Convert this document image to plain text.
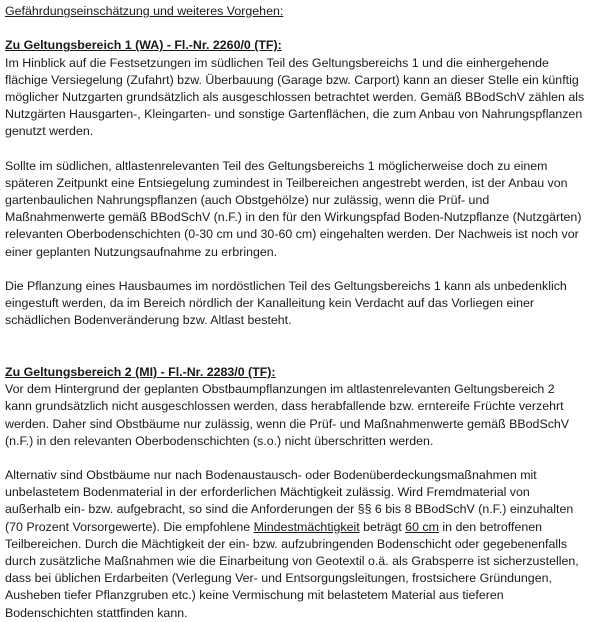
Gefährdungseinschätzung und weiteres Vorgehen:
Zu Geltungsbereich 1 (WA) - Fl.-Nr. 2260/0 (TF):
Im Hinblick auf die Festsetzungen im südlichen Teil des Geltungsbereichs 1 und die einhergehende
flächige Versiegelung (Zufahrt) bzw. Überbauung (Garage bzw. Carport) kann an dieser Stelle ein künftig
möglicher Nutzgarten grundsätzlich als ausgeschlossen betrachtet werden. Gemäß BBodSchV zählen als
Nutzgärten Hausgarten-, Kleingarten- und sonstige Gartenflächen, die zum Anbau von Nahrungspflanzen
genutzt werden.
Sollte im südlichen, altlastenrelevanten Teil des Geltungsbereichs 1 möglicherweise doch zu einem
späteren Zeitpunkt eine Entsiegelung zumindest in Teilbereichen angestrebt werden, ist der Anbau von
gartenbaulichen Nahrungspflanzen (auch Obstgehölze) nur zulässig, wenn die Prüf- und
Maßnahmenwerte gemäß BBodSchV (n.F.) in den für den Wirkungspfad Boden-Nutzpflanze (Nutzgärten)
relevanten Oberbodenschichten (0-30 cm und 30-60 cm) eingehalten werden. Der Nachweis ist noch vor
einer geplanten Nutzungsaufnahme zu erbringen.
Die Pflanzung eines Hausbaumes im nordöstlichen Teil des Geltungsbereichs 1 kann als unbedenklich
eingestuft werden, da im Bereich nördlich der Kanalleitung kein Verdacht auf das Vorliegen einer
schädlichen Bodenveränderung bzw. Altlast besteht.
Zu Geltungsbereich 2 (MI) - Fl.-Nr. 2283/0 (TF):
Vor dem Hintergrund der geplanten Obstbaumpflanzungen im altlastenrelevanten Geltungsbereich 2
kann grundsätzlich nicht ausgeschlossen werden, dass herabfallende bzw. erntereife Früchte verzehrt
werden. Daher sind Obstbäume nur zulässig, wenn die Prüf- und Maßnahmenwerte gemäß BBodSchV
(n.F.) in den relevanten Oberbodenschichten (s.o.) nicht überschritten werden.
Alternativ sind Obstbäume nur nach Bodenaustausch- oder Bodenüberdeckungsmaßnahmen mit
unbelastetem Bodenmaterial in der erforderlichen Mächtigkeit zulässig. Wird Fremdmaterial von
außerhalb ein- bzw. aufgebracht, so sind die Anforderungen der §§ 6 bis 8 BBodSchV (n.F.) einzuhalten
(70 Prozent Vorsorgewerte). Die empfohlene Mindestmächtigkeit beträgt 60 cm in den betroffenen
Teilbereichen. Durch die Mächtigkeit der ein- bzw. aufzubringenden Bodenschicht oder gegebenenfalls
durch zusätzliche Maßnahmen wie die Einarbeitung von Geotextil o.ä. als Grabsperre ist sicherzustellen,
dass bei üblichen Erdarbeiten (Verlegung Ver- und Entsorgungsleitungen, frostsichere Gründungen,
Ausheben tiefer Pflanzgruben etc.) keine Vermischung mit belastetem Material aus tieferen
Bodenschichten stattfinden kann.
